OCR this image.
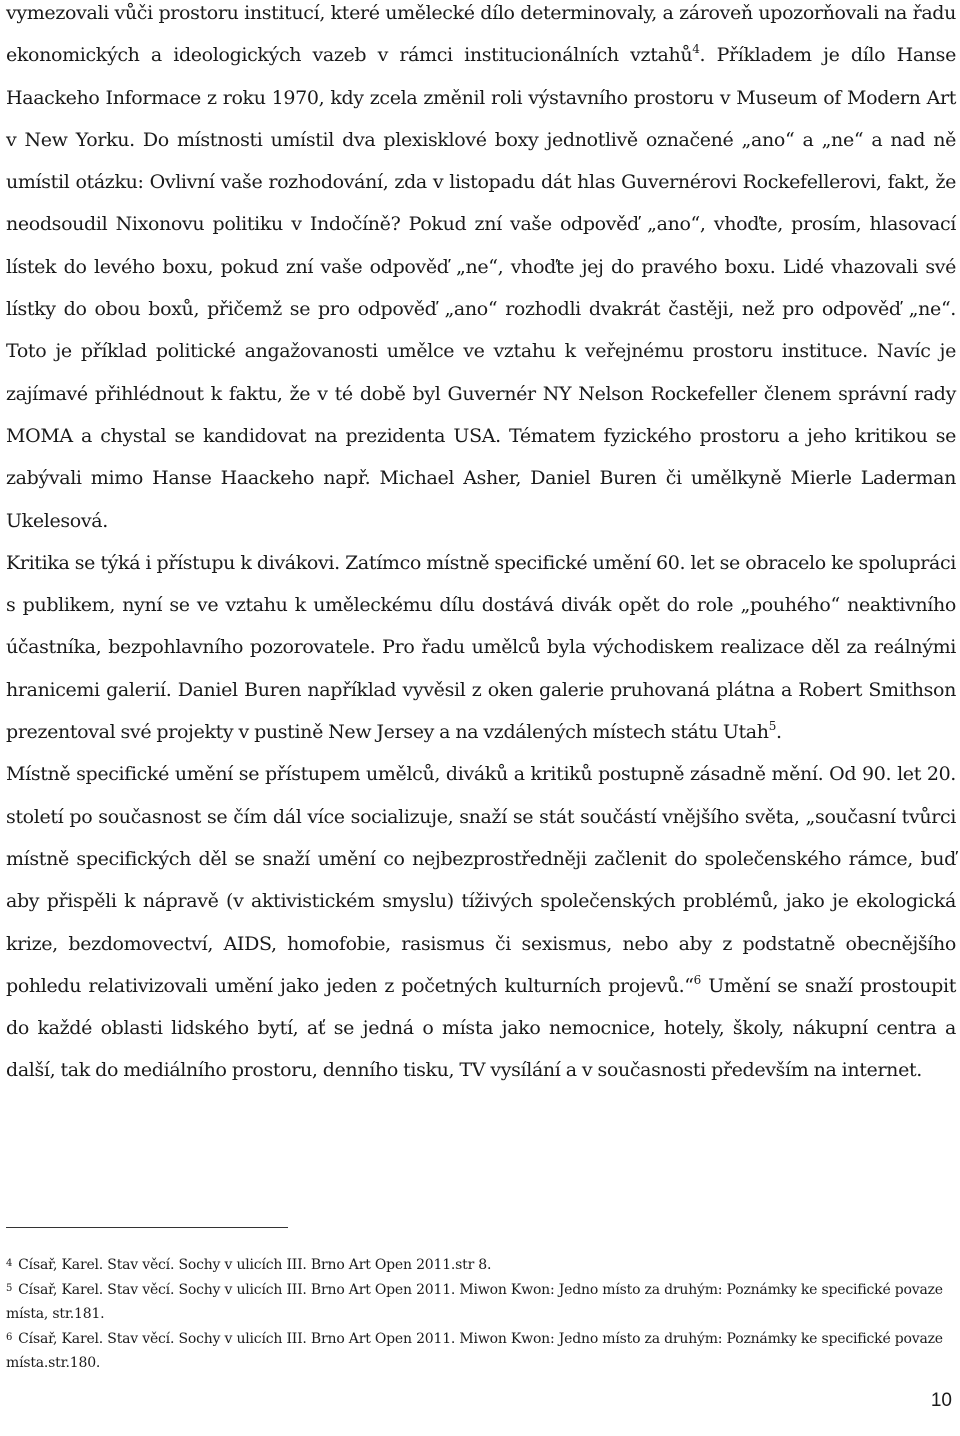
vymezovali vůči prostoru institucí, které umělecké dílo determinovaly, a zároveň upozorňovali na řadu ekonomických a ideologických vazeb v rámci institucionálních vztahů$^4$. Příkladem je dílo Hanse Haackeho Informace z roku 1970, kdy zcela změnil roli výstavního prostoru v Museum of Modern Art v New Yorku. Do místnosti umístil dva plexisklové boxy jednotlivě označené „ano“ a „ne“ a nad ně umístil otázku: Ovlivní vaše rozhodování, zda v listopadu dát hlas Guvernérovi Rockefellerovi, fakt, že neodsoudil Nixonovu politiku v Indočíně? Pokud zní vaše odpověď „ano“, vhoďte, prosím, hlasovací lístek do levého boxu, pokud zní vaše odpověď „ne“, vhoďte jej do pravého boxu. Lidé vhazovali své lístky do obou boxů, přičemž se pro odpověď „ano“ rozhodli dvakrát častěji, než pro odpověď „ne“. Toto je příklad politické angažovanosti umělce ve vztahu k veřejnému prostoru instituce. Navíc je zajímavé přihlédnout k faktu, že v té době byl Guvernér NY Nelson Rockefeller členem správní rady MOMA a chystal se kandidovat na prezidenta USA. Tématem fyzického prostoru a jeho kritikou se zabývali mimo Hanse Haackeho např. Michael Asher, Daniel Buren či umělkyně Mierle Laderman Ukelesová.

Kritika se týká i přístupu k divákovi. Zatímco místně specifické umění 60. let se obracelo ke spolupráci s publikem, nyní se ve vztahu k uměleckému dílu dostává divák opět do role „pouhého“ neaktivního účastníka, bezpohlavního pozorovatele. Pro řadu umělců byla východiskem realizace děl za reálnými hranicemi galerií. Daniel Buren například vyvěsil z oken galerie pruhovaná plátna a Robert Smithson prezentoval své projekty v pustině New Jersey a na vzdálených místech státu Utah$^5$.

Místně specifické umění se přístupem umělců, diváků a kritiků postupně zásadně mění. Od 90. let 20. století po současnost se čím dál více socializuje, snaží se stát součástí vnějšího světa, „současní tvůrci místně specifických děl se snaží umění co nejbezprostředněji začlenit do společenského rámce, buď aby přispěli k nápravě (v aktivistickém smyslu) tíživých společenských problémů, jako je ekologická krize, bezdomovectví, AIDS, homofobie, rasismus či sexismus, nebo aby z podstatně obecnějšího pohledu relativizovali umění jako jeden z početných kulturních projevů.“$^6$ Umění se snaží prostoupit do každé oblasti lidského bytí, ať se jedná o místa jako nemocnice, hotely, školy, nákupní centra a další, tak do mediálního prostoru, denního tisku, TV vysílání a v současnosti především na internet.

$^4$ Císař, Karel. Stav věcí. Sochy v ulicích III. Brno Art Open 2011.str 8.

$^5$ Císař, Karel. Stav věcí. Sochy v ulicích III. Brno Art Open 2011. Miwon Kwon: Jedno místo za druhým: Poznámky ke specifické povaze místa, str.181.

$^6$ Císař, Karel. Stav věcí. Sochy v ulicích III. Brno Art Open 2011. Miwon Kwon: Jedno místo za druhým: Poznámky ke specifické povaze místa.str.180.

10
